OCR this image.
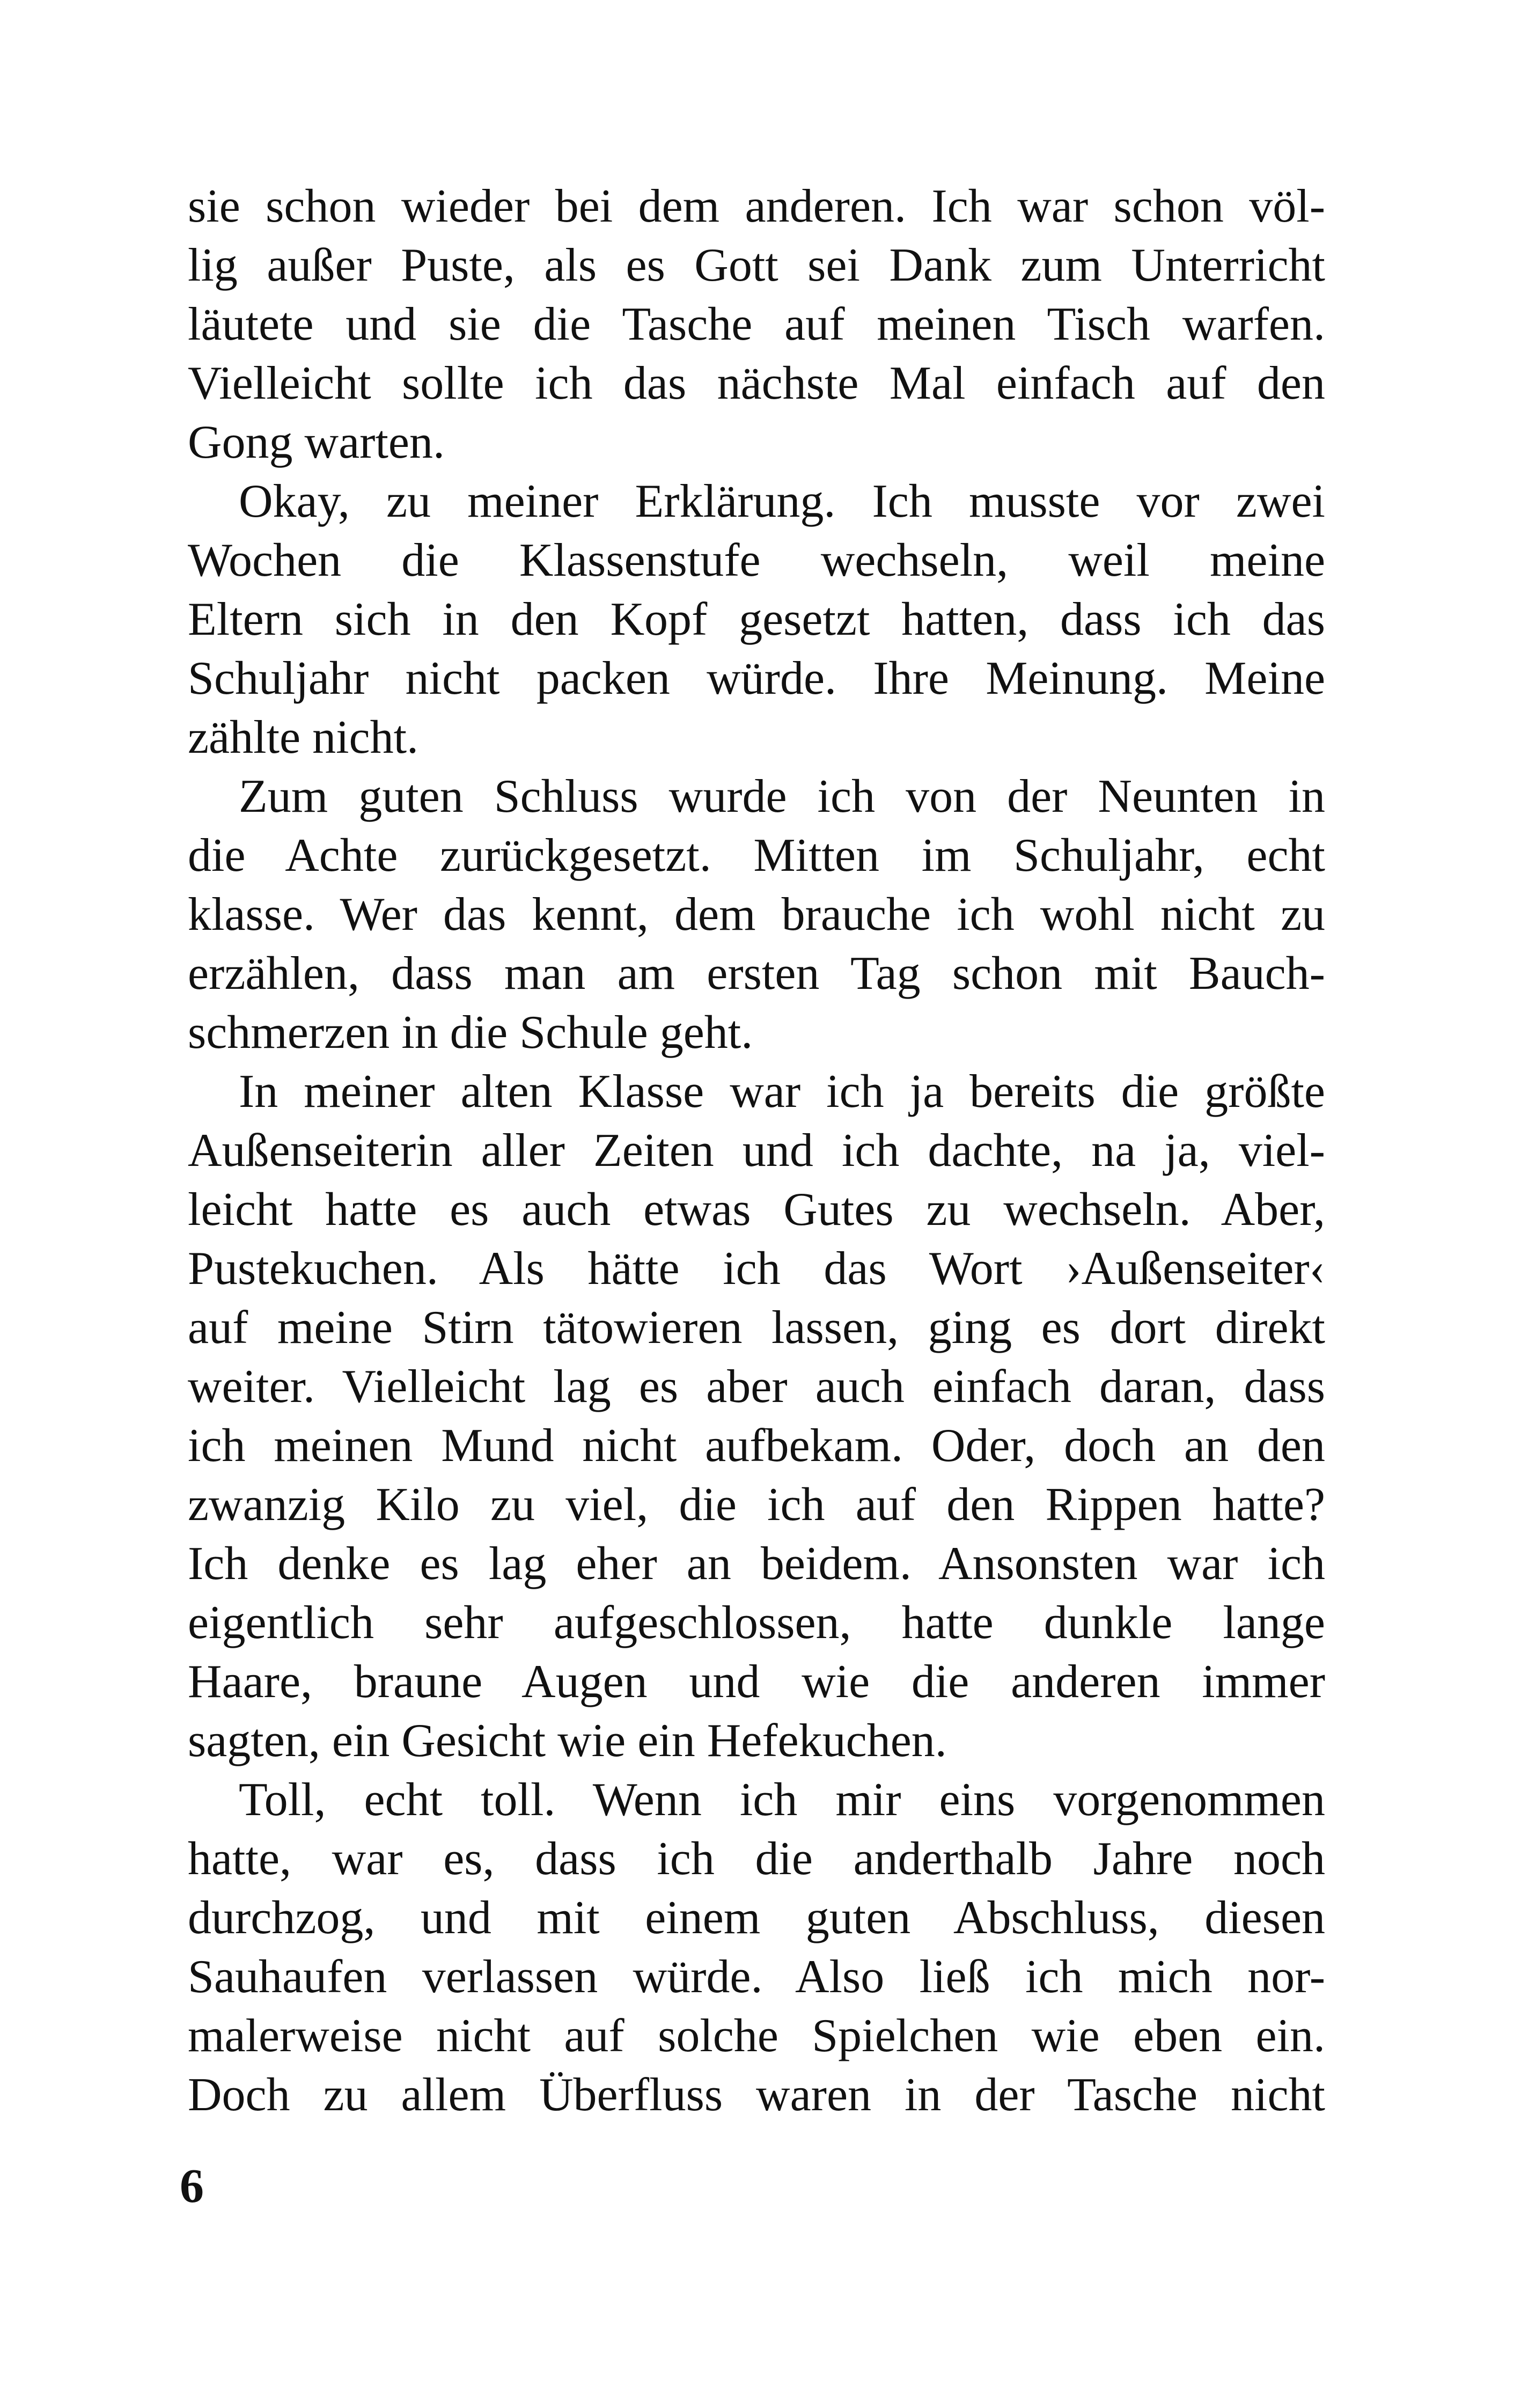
sie schon wieder bei dem anderen. Ich war schon völ-
lig außer Puste, als es Gott sei Dank zum Unterricht
läutete und sie die Tasche auf meinen Tisch warfen.
Vielleicht sollte ich das nächste Mal einfach auf den
Gong warten.
Okay, zu meiner Erklärung. Ich musste vor zwei
Wochen die Klassenstufe wechseln, weil meine
Eltern sich in den Kopf gesetzt hatten, dass ich das
Schuljahr nicht packen würde. Ihre Meinung. Meine
zählte nicht.
Zum guten Schluss wurde ich von der Neunten in
die Achte zurückgesetzt. Mitten im Schuljahr, echt
klasse. Wer das kennt, dem brauche ich wohl nicht zu
erzählen, dass man am ersten Tag schon mit Bauch-
schmerzen in die Schule geht.
In meiner alten Klasse war ich ja bereits die größte
Außenseiterin aller Zeiten und ich dachte, na ja, viel-
leicht hatte es auch etwas Gutes zu wechseln. Aber,
Pustekuchen. Als hätte ich das Wort ›Außenseiter‹
auf meine Stirn tätowieren lassen, ging es dort direkt
weiter. Vielleicht lag es aber auch einfach daran, dass
ich meinen Mund nicht aufbekam. Oder, doch an den
zwanzig Kilo zu viel, die ich auf den Rippen hatte?
Ich denke es lag eher an beidem. Ansonsten war ich
eigentlich sehr aufgeschlossen, hatte dunkle lange
Haare, braune Augen und wie die anderen immer
sagten, ein Gesicht wie ein Hefekuchen.
Toll, echt toll. Wenn ich mir eins vorgenommen
hatte, war es, dass ich die anderthalb Jahre noch
durchzog, und mit einem guten Abschluss, diesen
Sauhaufen verlassen würde. Also ließ ich mich nor-
malerweise nicht auf solche Spielchen wie eben ein.
Doch zu allem Überfluss waren in der Tasche nicht
6
